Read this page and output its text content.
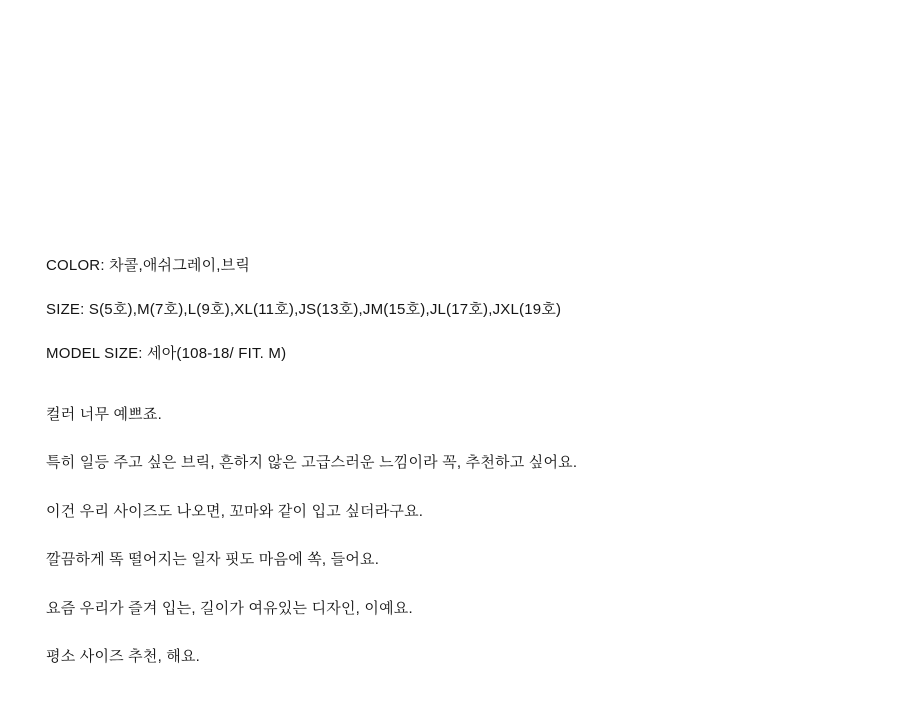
COLOR: 차콜,애쉬그레이,브릭

SIZE: S(5호),M(7호),L(9호),XL(11호),JS(13호),JM(15호),JL(17호),JXL(19호)

MODEL SIZE: 세아(108-18/ FIT. M)

컬러 너무 예쁘죠.

특히 일등 주고 싶은 브릭, 흔하지 않은 고급스러운 느낌이라 꼭, 추천하고 싶어요.

이건 우리 사이즈도 나오면, 꼬마와 같이 입고 싶더라구요.

깔끔하게 똑 떨어지는 일자 핏도 마음에 쏙, 들어요.

요즘 우리가 즐겨 입는, 길이가 여유있는 디자인, 이예요.

평소 사이즈 추천, 해요.
